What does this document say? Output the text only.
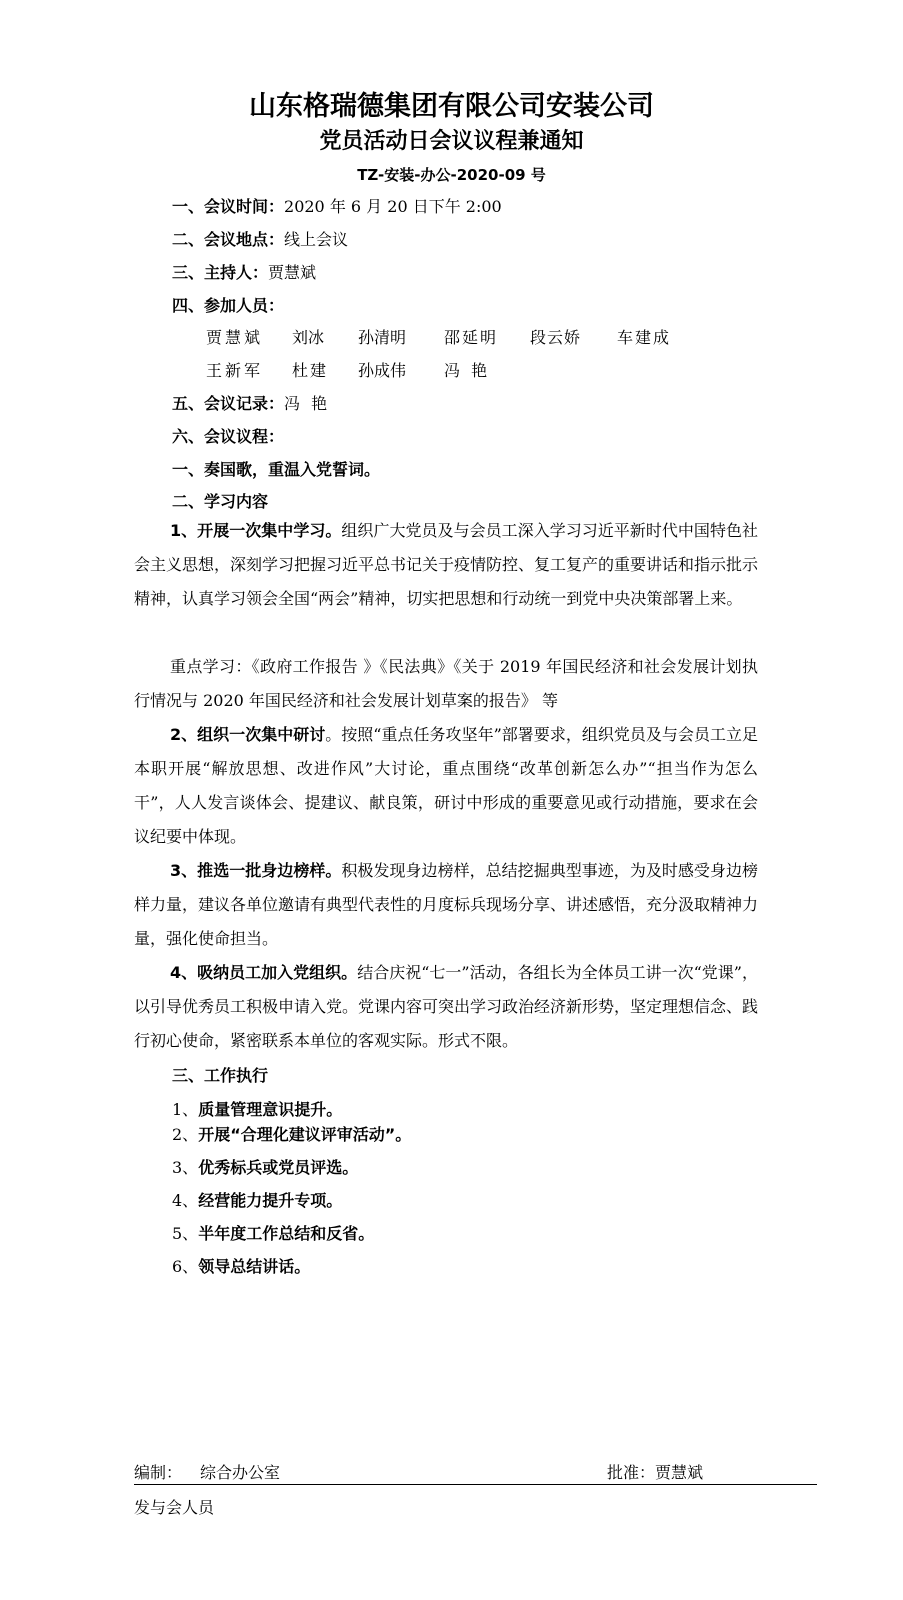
山东格瑞德集团有限公司安装公司
党员活动日会议议程兼通知
TZ-安装-办公-2020-09 号
一、会议时间：2020 年 6 月 20 日下午 2:00
二、会议地点：线上会议
三、主持人：贾慧斌
四、参加人员：
贾慧斌 刘冰 孙清明 邵延明 段云娇 车建成
王新军 杜建 孙成伟 冯 艳
五、会议记录：冯 艳
六、会议议程：
一、奏国歌，重温入党誓词。
二、学习内容

1、开展一次集中学习。组织广大党员及与会员工深入学习习近平新时代中国特色社会主义思想，深刻学习把握习近平总书记关于疫情防控、复工复产的重要讲话和指示批示精神，认真学习领会全国“两会”精神，切实把思想和行动统一到党中央决策部署上来。

重点学习：《政府工作报告 》《民法典》《关于 2019 年国民经济和社会发展计划执行情况与 2020 年国民经济和社会发展计划草案的报告》 等

2、组织一次集中研讨。按照“重点任务攻坚年”部署要求，组织党员及与会员工立足本职开展“解放思想、改进作风”大讨论，重点围绕“改革创新怎么办”“担当作为怎么干”，人人发言谈体会、提建议、献良策，研讨中形成的重要意见或行动措施，要求在会议纪要中体现。

3、推选一批身边榜样。积极发现身边榜样，总结挖掘典型事迹，为及时感受身边榜样力量，建议各单位邀请有典型代表性的月度标兵现场分享、讲述感悟，充分汲取精神力量，强化使命担当。

4、吸纳员工加入党组织。结合庆祝“七一”活动，各组长为全体员工讲一次“党课”，以引导优秀员工积极申请入党。党课内容可突出学习政治经济新形势，坚定理想信念、践行初心使命，紧密联系本单位的客观实际。形式不限。

三、工作执行
1、质量管理意识提升。
2、开展“合理化建议评审活动”。
3、优秀标兵或党员评选。
4、经营能力提升专项。
5、半年度工作总结和反省。
6、领导总结讲话。
编制： 综合办公室	批准：贾慧斌
发与会人员
